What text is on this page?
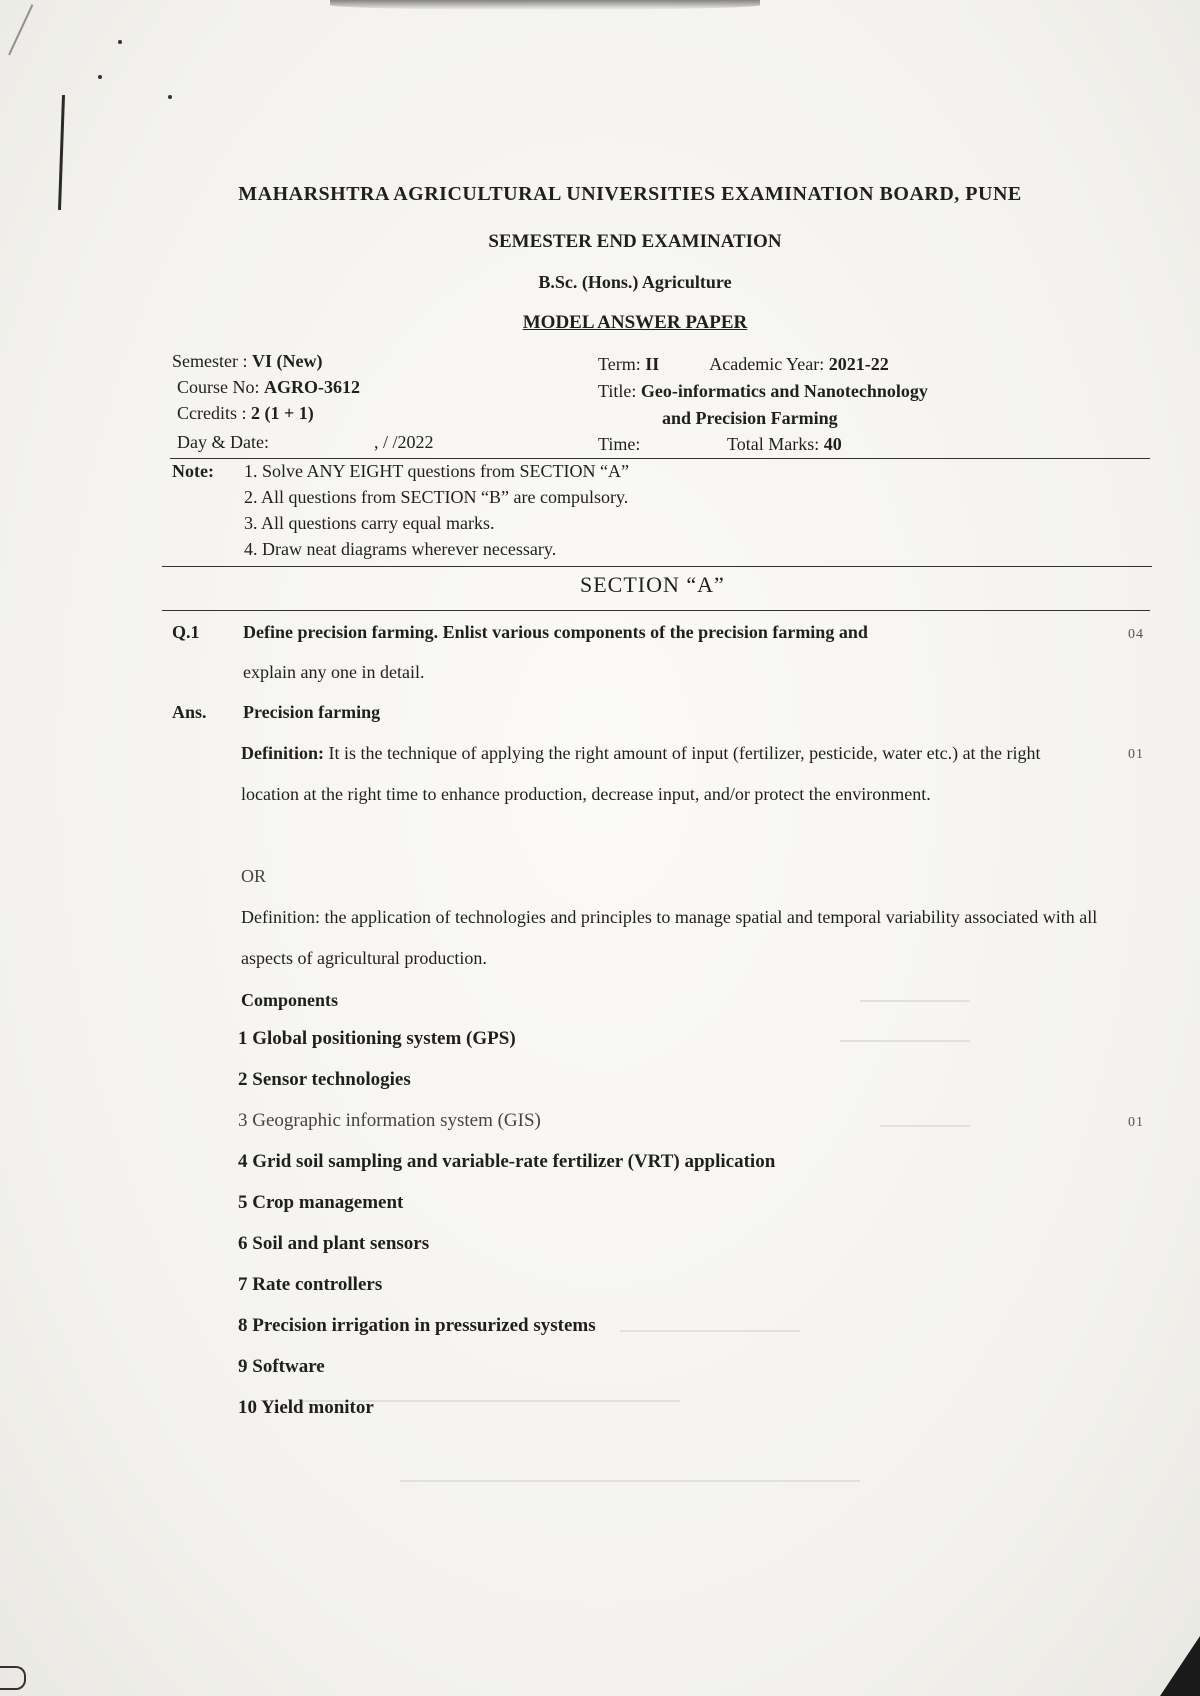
MAHARSHTRA AGRICULTURAL UNIVERSITIES EXAMINATION BOARD, PUNE
SEMESTER END EXAMINATION
B.Sc. (Hons.) Agriculture
MODEL ANSWER PAPER
Semester : VI (New)
Course No: AGRO-3612
Ccredits : 2 (1 + 1)
Day & Date:	, / /2022
Term: II	Academic Year: 2021-22
Title: Geo-informatics and Nanotechnology
and Precision Farming
Time:	Total Marks: 40
Note: 1. Solve ANY EIGHT questions from SECTION “A”
2. All questions from SECTION “B” are compulsory.
3. All questions carry equal marks.
4. Draw neat diagrams wherever necessary.
SECTION “A”
Q.1 Define precision farming. Enlist various components of the precision farming and
explain any one in detail.
04
Ans. Precision farming
Definition: It is the technique of applying the right amount of input (fertilizer, pesticide, water etc.) at the right location at the right time to enhance production, decrease input, and/or protect the environment.
01
OR
Definition: the application of technologies and principles to manage spatial and temporal variability associated with all aspects of agricultural production.
Components
1 Global positioning system (GPS)
2 Sensor technologies
3 Geographic information system (GIS)	01
4 Grid soil sampling and variable-rate fertilizer (VRT) application
5 Crop management
6 Soil and plant sensors
7 Rate controllers
8 Precision irrigation in pressurized systems
9 Software
10 Yield monitor
